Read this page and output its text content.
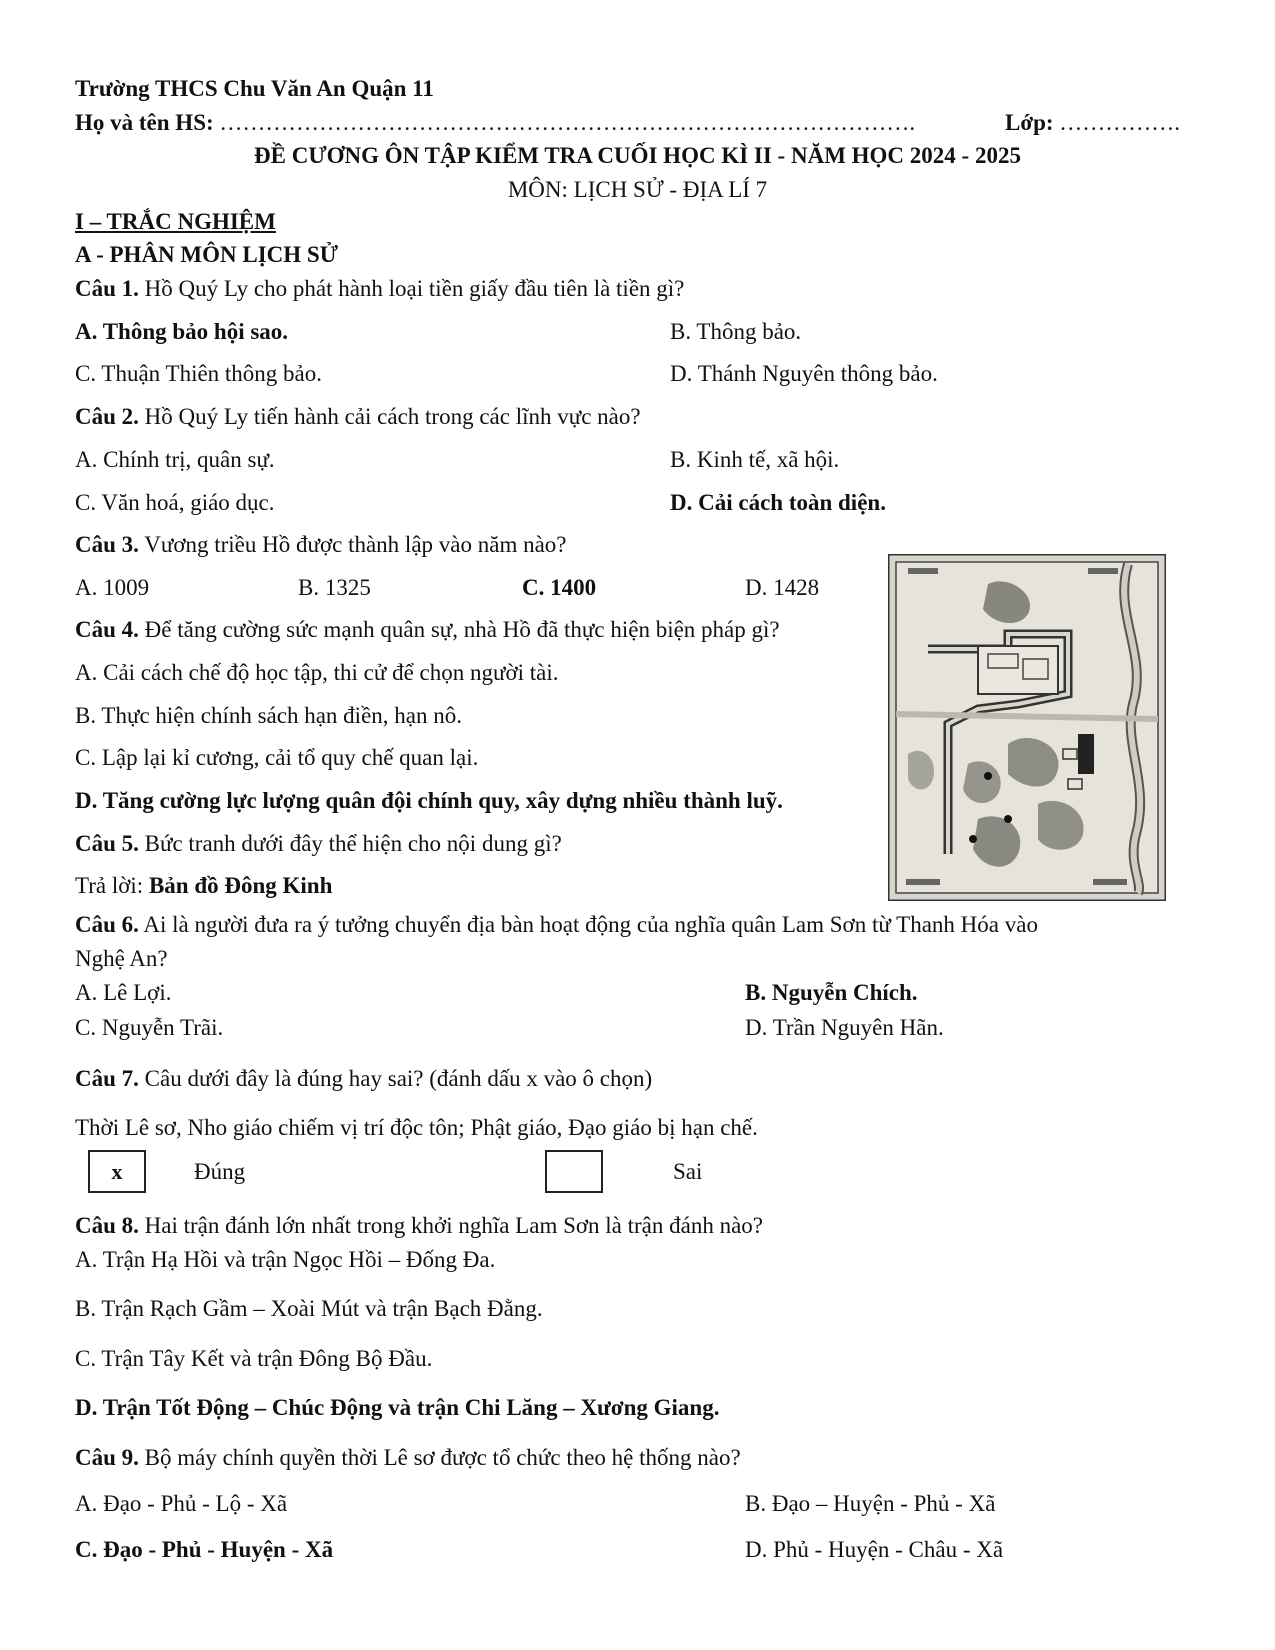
Trường THCS Chu Văn An Quận 11
Họ và tên HS: ……………………………………………………………………………….	Lớp: …………….
ĐỀ CƯƠNG ÔN TẬP KIỂM TRA CUỐI HỌC KÌ II - NĂM HỌC 2024 - 2025
MÔN: LỊCH SỬ - ĐỊA LÍ 7
I – TRẮC NGHIỆM
A - PHÂN MÔN LỊCH SỬ
Câu 1. Hồ Quý Ly cho phát hành loại tiền giấy đầu tiên là tiền gì?
A. Thông bảo hội sao.	B. Thông bảo.
C. Thuận Thiên thông bảo.	D. Thánh Nguyên thông bảo.
Câu 2. Hồ Quý Ly tiến hành cải cách trong các lĩnh vực nào?
A. Chính trị, quân sự.	B. Kinh tế, xã hội.
C. Văn hoá, giáo dục.	D. Cải cách toàn diện.
Câu 3. Vương triều Hồ được thành lập vào năm nào?
A. 1009	B. 1325	C. 1400	D. 1428
Câu 4. Để tăng cường sức mạnh quân sự, nhà Hồ đã thực hiện biện pháp gì?
A. Cải cách chế độ học tập, thi cử để chọn người tài.
B. Thực hiện chính sách hạn điền, hạn nô.
C. Lập lại kỉ cương, cải tổ quy chế quan lại.
D. Tăng cường lực lượng quân đội chính quy, xây dựng nhiều thành luỹ.
Câu 5. Bức tranh dưới đây thể hiện cho nội dung gì?
Trả lời: Bản đồ Đông Kinh
Câu 6. Ai là người đưa ra ý tưởng chuyển địa bàn hoạt động của nghĩa quân Lam Sơn từ Thanh Hóa vào
Nghệ An?
A. Lê Lợi.	B. Nguyễn Chích.
C. Nguyễn Trãi.	D. Trần Nguyên Hãn.
Câu 7. Câu dưới đây là đúng hay sai? (đánh dấu x vào ô chọn)
Thời Lê sơ, Nho giáo chiếm vị trí độc tôn; Phật giáo, Đạo giáo bị hạn chế.
x	Đúng	Sai
Câu 8. Hai trận đánh lớn nhất trong khởi nghĩa Lam Sơn là trận đánh nào?
A. Trận Hạ Hồi và trận Ngọc Hồi – Đống Đa.
B. Trận Rạch Gầm – Xoài Mút và trận Bạch Đằng.
C. Trận Tây Kết và trận Đông Bộ Đầu.
D. Trận Tốt Động – Chúc Động và trận Chi Lăng – Xương Giang.
Câu 9. Bộ máy chính quyền thời Lê sơ được tổ chức theo hệ thống nào?
A. Đạo - Phủ - Lộ - Xã	B. Đạo – Huyện - Phủ - Xã
C. Đạo - Phủ - Huyện - Xã	D. Phủ - Huyện - Châu - Xã
